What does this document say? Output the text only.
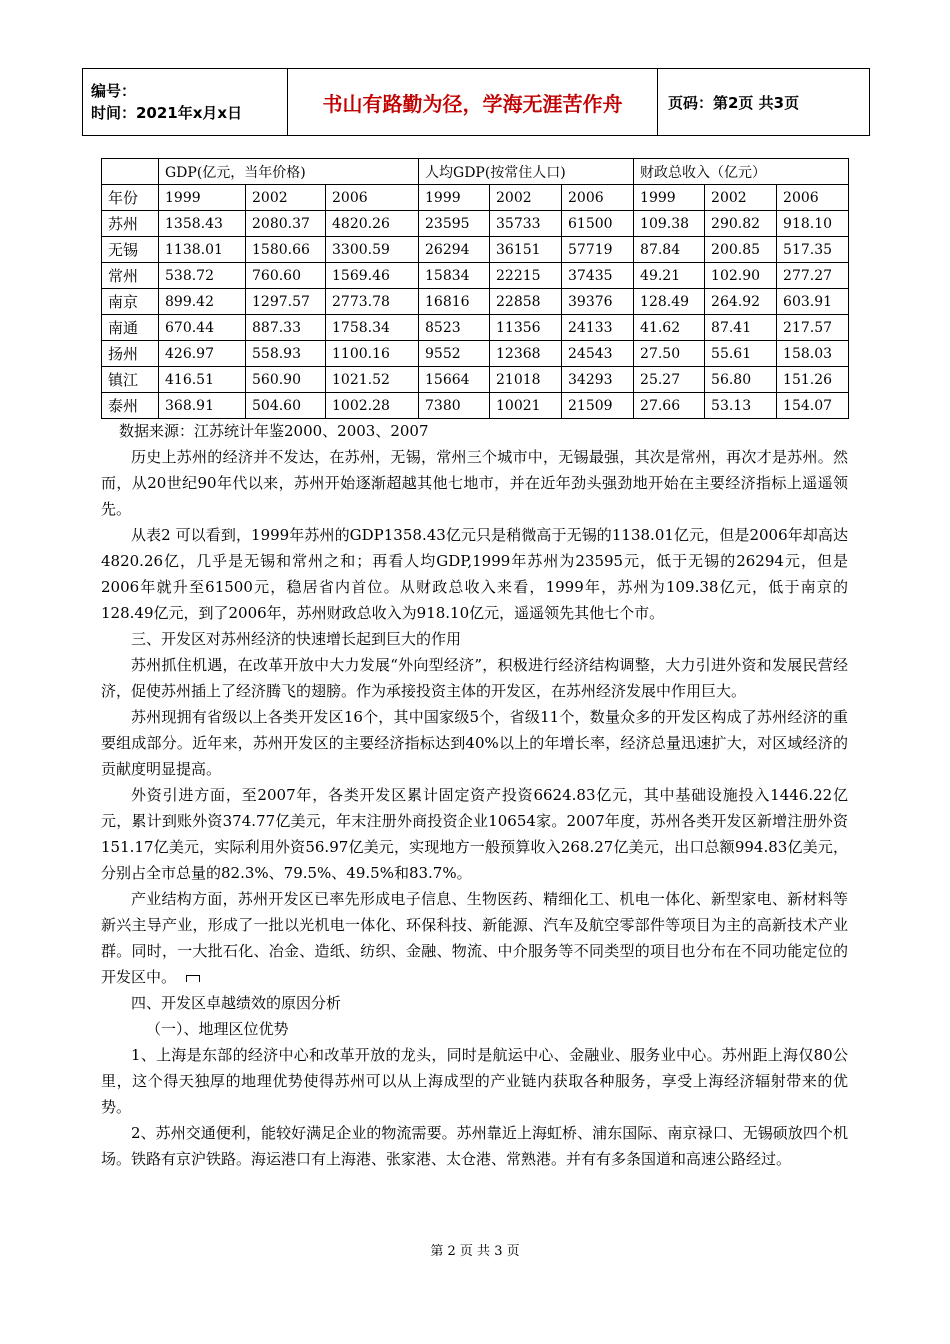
编号：
时间：2021年x月x日	书山有路勤为径，学海无涯苦作舟	页码：第2页 共3页
	GDP(亿元，当年价格)			人均GDP(按常住人口)			财政总收入（亿元）		
年份	1999	2002	2006	1999	2002	2006	1999	2002	2006
苏州	1358.43	2080.37	4820.26	23595	35733	61500	109.38	290.82	918.10
无锡	1138.01	1580.66	3300.59	26294	36151	57719	87.84	200.85	517.35
常州	538.72	760.60	1569.46	15834	22215	37435	49.21	102.90	277.27
南京	899.42	1297.57	2773.78	16816	22858	39376	128.49	264.92	603.91
南通	670.44	887.33	1758.34	8523	11356	24133	41.62	87.41	217.57
扬州	426.97	558.93	1100.16	9552	12368	24543	27.50	55.61	158.03
镇江	416.51	560.90	1021.52	15664	21018	34293	25.27	56.80	151.26
泰州	368.91	504.60	1002.28	7380	10021	21509	27.66	53.13	154.07

数据来源：江苏统计年鉴2000、2003、2007

历史上苏州的经济并不发达，在苏州，无锡，常州三个城市中，无锡最强，其次是常州，再次才是苏州。然而，从20世纪90年代以来，苏州开始逐渐超越其他七地市，并在近年劲头强劲地开始在主要经济指标上遥遥领先。

从表2 可以看到，1999年苏州的GDP1358.43亿元只是稍微高于无锡的1138.01亿元，但是2006年却高达4820.26亿，几乎是无锡和常州之和；再看人均GDP,1999年苏州为23595元，低于无锡的26294元，但是2006年就升至61500元，稳居省内首位。从财政总收入来看，1999年，苏州为109.38亿元，低于南京的128.49亿元，到了2006年，苏州财政总收入为918.10亿元，遥遥领先其他七个市。

三、开发区对苏州经济的快速增长起到巨大的作用

苏州抓住机遇，在改革开放中大力发展“外向型经济”，积极进行经济结构调整，大力引进外资和发展民营经济，促使苏州插上了经济腾飞的翅膀。作为承接投资主体的开发区，在苏州经济发展中作用巨大。

苏州现拥有省级以上各类开发区16个，其中国家级5个，省级11个，数量众多的开发区构成了苏州经济的重要组成部分。近年来，苏州开发区的主要经济指标达到40%以上的年增长率，经济总量迅速扩大，对区域经济的贡献度明显提高。

外资引进方面，至2007年，各类开发区累计固定资产投资6624.83亿元，其中基础设施投入1446.22亿元，累计到账外资374.77亿美元，年末注册外商投资企业10654家。2007年度，苏州各类开发区新增注册外资151.17亿美元，实际利用外资56.97亿美元，实现地方一般预算收入268.27亿美元，出口总额994.83亿美元，分别占全市总量的82.3%、79.5%、49.5%和83.7%。

产业结构方面，苏州开发区已率先形成电子信息、生物医药、精细化工、机电一体化、新型家电、新材料等新兴主导产业，形成了一批以光机电一体化、环保科技、新能源、汽车及航空零部件等项目为主的高新技术产业群。同时，一大批石化、冶金、造纸、纺织、金融、物流、中介服务等不同类型的项目也分布在不同功能定位的开发区中。

四、开发区卓越绩效的原因分析

（一）、地理区位优势

1、上海是东部的经济中心和改革开放的龙头，同时是航运中心、金融业、服务业中心。苏州距上海仅80公里，这个得天独厚的地理优势使得苏州可以从上海成型的产业链内获取各种服务，享受上海经济辐射带来的优势。

2、苏州交通便利，能较好满足企业的物流需要。苏州靠近上海虹桥、浦东国际、南京禄口、无锡硕放四个机场。铁路有京沪铁路。海运港口有上海港、张家港、太仓港、常熟港。并有有多条国道和高速公路经过。

第 2 页 共 3 页
